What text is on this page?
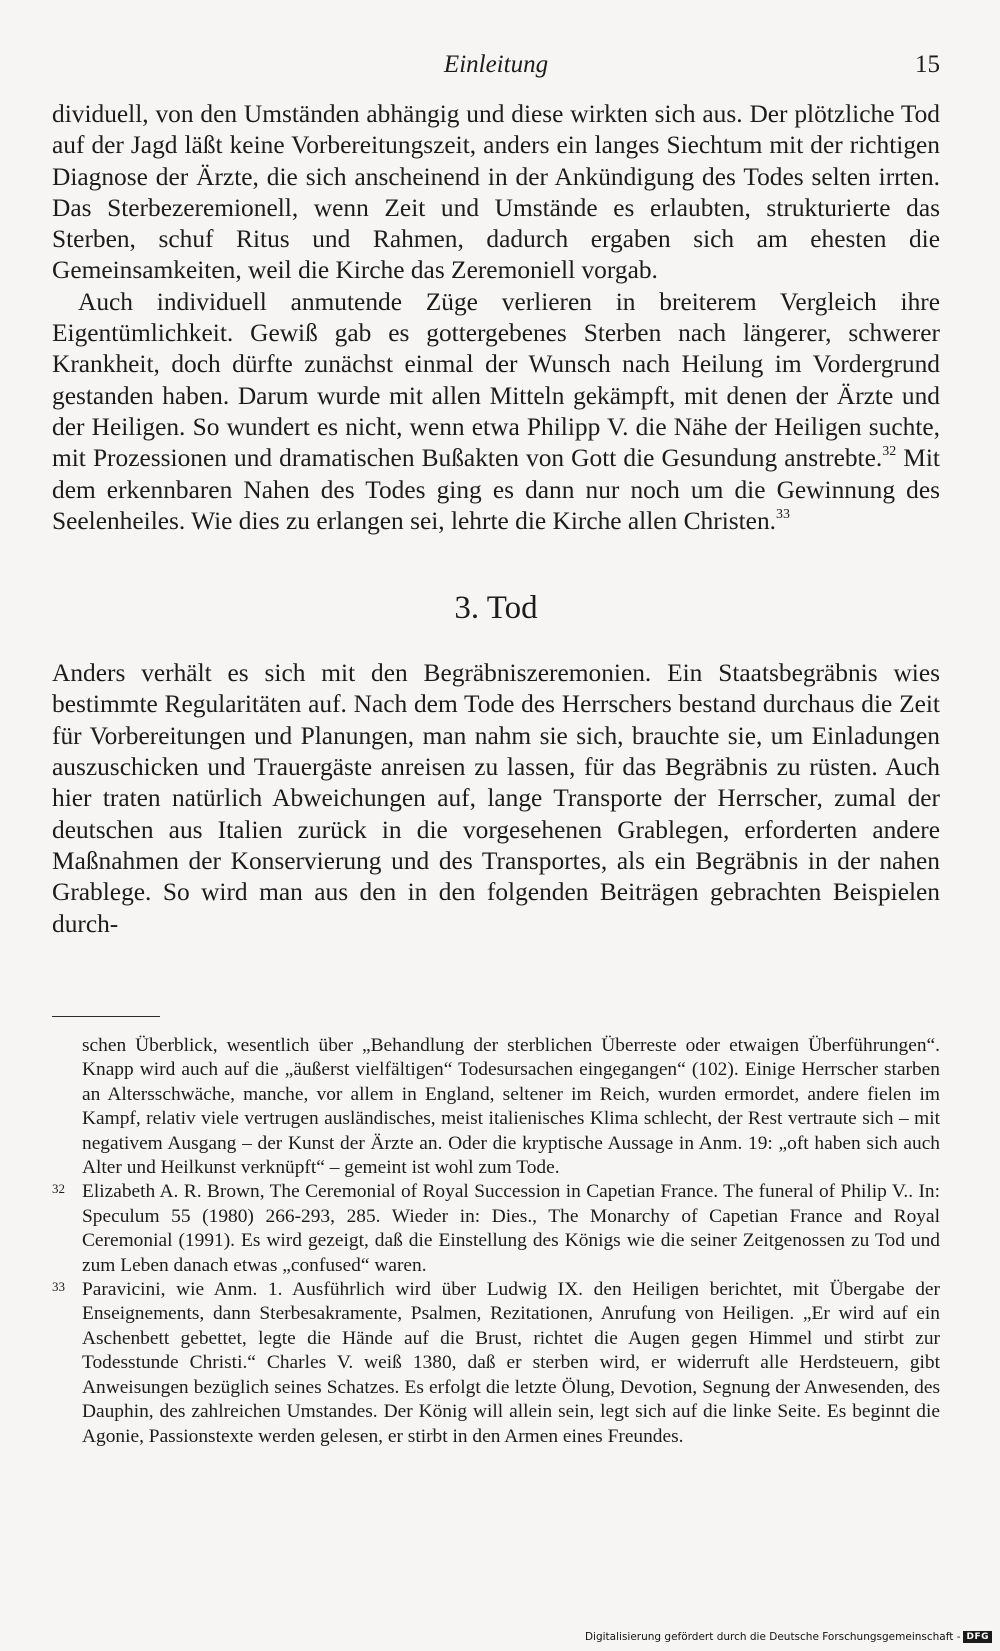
Einleitung	15

dividuell, von den Umständen abhängig und diese wirkten sich aus. Der plötzliche Tod auf der Jagd läßt keine Vorbereitungszeit, anders ein langes Siechtum mit der richtigen Diagnose der Ärzte, die sich anscheinend in der Ankündigung des Todes selten irrten. Das Sterbezeremionell, wenn Zeit und Umstände es erlaubten, strukturierte das Sterben, schuf Ritus und Rahmen, dadurch ergaben sich am ehesten die Gemeinsamkeiten, weil die Kirche das Zeremoniell vorgab.

Auch individuell anmutende Züge verlieren in breiterem Vergleich ihre Eigentümlichkeit. Gewiß gab es gottergebenes Sterben nach längerer, schwerer Krankheit, doch dürfte zunächst einmal der Wunsch nach Heilung im Vordergrund gestanden haben. Darum wurde mit allen Mitteln gekämpft, mit denen der Ärzte und der Heiligen. So wundert es nicht, wenn etwa Philipp V. die Nähe der Heiligen suchte, mit Prozessionen und dramatischen Bußakten von Gott die Gesundung anstrebte.$^{32}$ Mit dem erkennbaren Nahen des Todes ging es dann nur noch um die Gewinnung des Seelenheiles. Wie dies zu erlangen sei, lehrte die Kirche allen Christen.$^{33}$

3. Tod

Anders verhält es sich mit den Begräbniszeremonien. Ein Staatsbegräbnis wies bestimmte Regularitäten auf. Nach dem Tode des Herrschers bestand durchaus die Zeit für Vorbereitungen und Planungen, man nahm sie sich, brauchte sie, um Einladungen auszuschicken und Trauergäste anreisen zu lassen, für das Begräbnis zu rüsten. Auch hier traten natürlich Abweichungen auf, lange Transporte der Herrscher, zumal der deutschen aus Italien zurück in die vorgesehenen Grablegen, erforderten andere Maßnahmen der Konservierung und des Transportes, als ein Begräbnis in der nahen Grablege. So wird man aus den in den folgenden Beiträgen gebrachten Beispielen durch-

schen Überblick, wesentlich über „Behandlung der sterblichen Überreste oder etwaigen Überführungen“. Knapp wird auch auf die „äußerst vielfältigen“ Todesursachen eingegangen“ (102). Einige Herrscher starben an Altersschwäche, manche, vor allem in England, seltener im Reich, wurden ermordet, andere fielen im Kampf, relativ viele vertrugen ausländisches, meist italienisches Klima schlecht, der Rest vertraute sich – mit negativem Ausgang – der Kunst der Ärzte an. Oder die kryptische Aussage in Anm. 19: „oft haben sich auch Alter und Heilkunst verknüpft“ – gemeint ist wohl zum Tode.

32 Elizabeth A. R. Brown, The Ceremonial of Royal Succession in Capetian France. The funeral of Philip V.. In: Speculum 55 (1980) 266-293, 285. Wieder in: Dies., The Monarchy of Capetian France and Royal Ceremonial (1991). Es wird gezeigt, daß die Einstellung des Königs wie die seiner Zeitgenossen zu Tod und zum Leben danach etwas „confused“ waren.

33 Paravicini, wie Anm. 1. Ausführlich wird über Ludwig IX. den Heiligen berichtet, mit Übergabe der Enseignements, dann Sterbesakramente, Psalmen, Rezitationen, Anrufung von Heiligen. „Er wird auf ein Aschenbett gebettet, legte die Hände auf die Brust, richtet die Augen gegen Himmel und stirbt zur Todesstunde Christi.“ Charles V. weiß 1380, daß er sterben wird, er widerruft alle Herdsteuern, gibt Anweisungen bezüglich seines Schatzes. Es erfolgt die letzte Ölung, Devotion, Segnung der Anwesenden, des Dauphin, des zahlreichen Umstandes. Der König will allein sein, legt sich auf die linke Seite. Es beginnt die Agonie, Passionstexte werden gelesen, er stirbt in den Armen eines Freundes.

Digitalisierung gefördert durch die Deutsche Forschungsgemeinschaft - DFG
